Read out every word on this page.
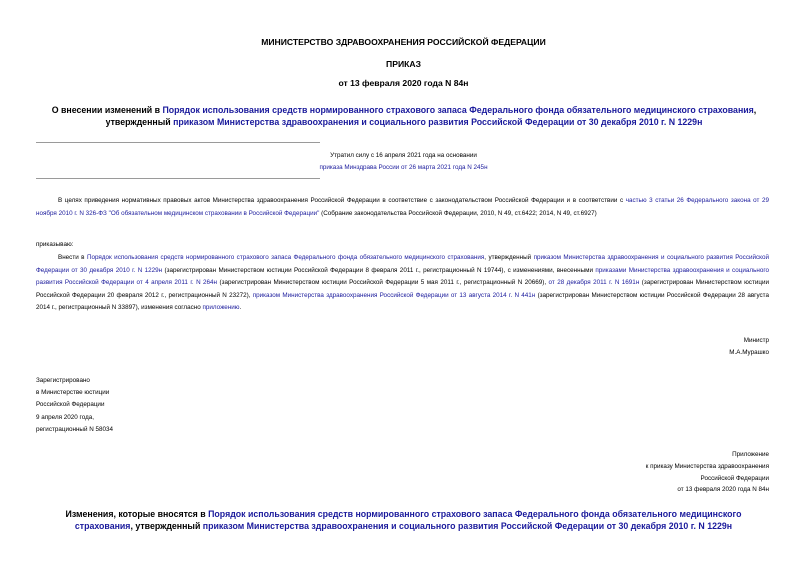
МИНИСТЕРСТВО ЗДРАВООХРАНЕНИЯ РОССИЙСКОЙ ФЕДЕРАЦИИ
ПРИКАЗ
от 13 февраля 2020 года N 84н
О внесении изменений в Порядок использования средств нормированного страхового запаса Федерального фонда обязательного медицинского страхования, утвержденный приказом Министерства здравоохранения и социального развития Российской Федерации от 30 декабря 2010 г. N 1229н
Утратил силу с 16 апреля 2021 года на основании
приказа Минздрава России от 26 марта 2021 года N 245н
В целях приведения нормативных правовых актов Министерства здравоохранения Российской Федерации в соответствие с законодательством Российской Федерации и в соответствии с частью 3 статьи 26 Федерального закона от 29 ноября 2010 г. N 326-ФЗ "Об обязательном медицинском страховании в Российской Федерации" (Собрание законодательства Российской Федерации, 2010, N 49, ст.6422; 2014, N 49, ст.6927)
приказываю:
Внести в Порядок использования средств нормированного страхового запаса Федерального фонда обязательного медицинского страхования, утвержденный приказом Министерства здравоохранения и социального развития Российской Федерации от 30 декабря 2010 г. N 1229н (зарегистрирован Министерством юстиции Российской Федерации 8 февраля 2011 г., регистрационный N 19744), с изменениями, внесенными приказами Министерства здравоохранения и социального развития Российской Федерации от 4 апреля 2011 г. N 264н (зарегистрирован Министерством юстиции Российской Федерации 5 мая 2011 г., регистрационный N 20669), от 28 декабря 2011 г. N 1691н (зарегистрирован Министерством юстиции Российской Федерации 20 февраля 2012 г., регистрационный N 23272), приказом Министерства здравоохранения Российской Федерации от 13 августа 2014 г. N 441н (зарегистрирован Министерством юстиции Российской Федерации 28 августа 2014 г., регистрационный N 33897), изменения согласно приложению.
Министр
М.А.Мурашко
Зарегистрировано
в Министерстве юстиции
Российской Федерации
9 апреля 2020 года,
регистрационный N 58034
Приложение
к приказу Министерства здравоохранения
Российской Федерации
от 13 февраля 2020 года N 84н
Изменения, которые вносятся в Порядок использования средств нормированного страхового запаса Федерального фонда обязательного медицинского страхования, утвержденный приказом Министерства здравоохранения и социального развития Российской Федерации от 30 декабря 2010 г. N 1229н
